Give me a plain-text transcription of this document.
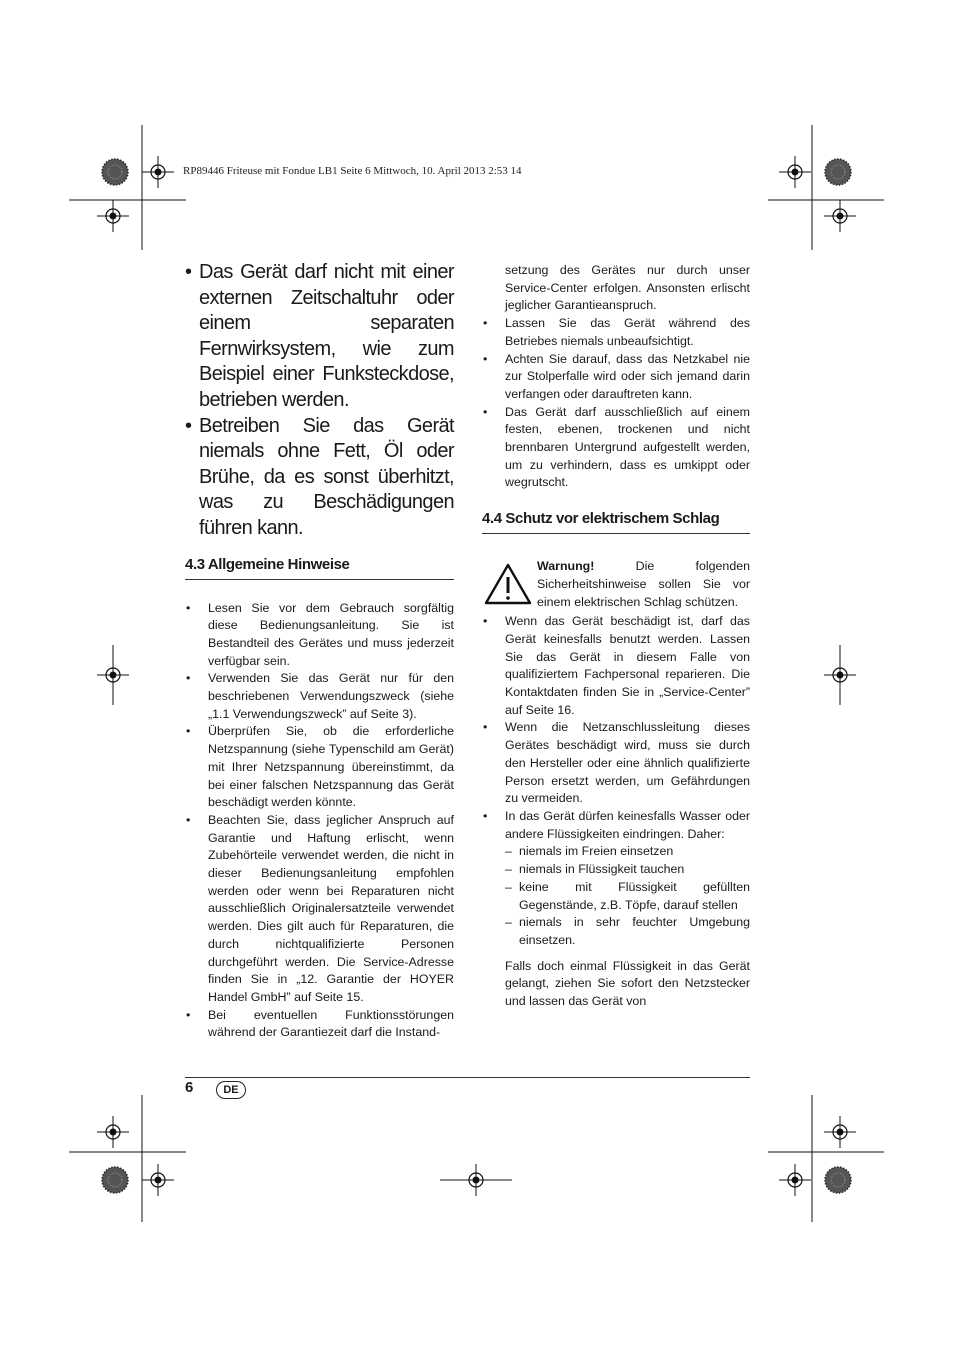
RP89446 Friteuse mit Fondue LB1 Seite 6 Mittwoch, 10. April 2013 2:53 14
• Das Gerät darf nicht mit einer externen Zeitschaltuhr oder einem separaten Fernwirksystem, wie zum Beispiel einer Funksteckdose, betrieben werden.
• Betreiben Sie das Gerät niemals ohne Fett, Öl oder Brühe, da es sonst überhitzt, was zu Beschädigungen führen kann.
4.3 Allgemeine Hinweise
• Lesen Sie vor dem Gebrauch sorgfältig diese Bedienungsanleitung. Sie ist Bestandteil des Gerätes und muss jederzeit verfügbar sein.
• Verwenden Sie das Gerät nur für den beschriebenen Verwendungszweck (siehe „1.1 Verwendungszweck” auf Seite 3).
• Überprüfen Sie, ob die erforderliche Netzspannung (siehe Typenschild am Gerät) mit Ihrer Netzspannung übereinstimmt, da bei einer falschen Netzspannung das Gerät beschädigt werden könnte.
• Beachten Sie, dass jeglicher Anspruch auf Garantie und Haftung erlischt, wenn Zubehörteile verwendet werden, die nicht in dieser Bedienungsanleitung empfohlen werden oder wenn bei Reparaturen nicht ausschließlich Originalersatzteile verwendet werden. Dies gilt auch für Reparaturen, die durch nichtqualifizierte Personen durchgeführt werden. Die Service-Adresse finden Sie in „12. Garantie der HOYER Handel GmbH” auf Seite 15.
• Bei eventuellen Funktionsstörungen während der Garantiezeit darf die Instand-

setzung des Gerätes nur durch unser Service-Center erfolgen. Ansonsten erlischt jeglicher Garantieanspruch.

• Lassen Sie das Gerät während des Betriebes niemals unbeaufsichtigt.
• Achten Sie darauf, dass das Netzkabel nie zur Stolperfalle wird oder sich jemand darin verfangen oder darauftreten kann.
• Das Gerät darf ausschließlich auf einem festen, ebenen, trockenen und nicht brennbaren Untergrund aufgestellt werden, um zu verhindern, dass es umkippt oder wegrutscht.
4.4 Schutz vor elektrischem Schlag
Warnung! Die folgenden Sicherheitshinweise sollen Sie vor einem elektrischen Schlag schützen.
• Wenn das Gerät beschädigt ist, darf das Gerät keinesfalls benutzt werden. Lassen Sie das Gerät in diesem Falle von qualifiziertem Fachpersonal reparieren. Die Kontaktdaten finden Sie in „Service-Center” auf Seite 16.
• Wenn die Netzanschlussleitung dieses Gerätes beschädigt wird, muss sie durch den Hersteller oder eine ähnlich qualifizierte Person ersetzt werden, um Gefährdungen zu vermeiden.
• In das Gerät dürfen keinesfalls Wasser oder andere Flüssigkeiten eindringen. Daher:
– niemals im Freien einsetzen
– niemals in Flüssigkeit tauchen
– keine mit Flüssigkeit gefüllten Gegenstände, z.B. Töpfe, darauf stellen
– niemals in sehr feuchter Umgebung einsetzen.

Falls doch einmal Flüssigkeit in das Gerät gelangt, ziehen Sie sofort den Netzstecker und lassen das Gerät von

6	DE
